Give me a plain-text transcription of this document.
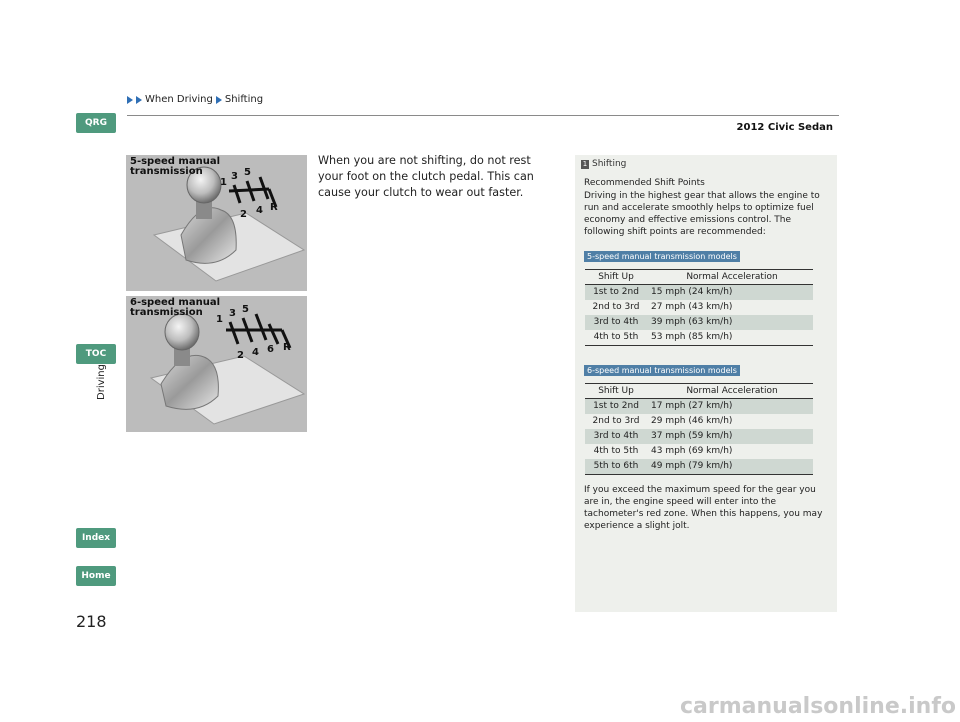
When Driving Shifting
2012 Civic Sedan
QRG
TOC
Driving
Index
Home
218
1
3 5
2 4 R
5-speed manual transmission
1
3 5
2 4 6 R
6-speed manual transmission
When you are not shifting, do not rest your foot on the clutch pedal. This can cause your clutch to wear out faster.
1 Shifting
Recommended Shift Points
Driving in the highest gear that allows the engine to run and accelerate smoothly helps to optimize fuel economy and effective emissions control. The following shift points are recommended:
5-speed manual transmission models
Shift Up	Normal Acceleration
1st to 2nd	15 mph (24 km/h)
2nd to 3rd	27 mph (43 km/h)
3rd to 4th	39 mph (63 km/h)
4th to 5th	53 mph (85 km/h)
6-speed manual transmission models
Shift Up	Normal Acceleration
1st to 2nd	17 mph (27 km/h)
2nd to 3rd	29 mph (46 km/h)
3rd to 4th	37 mph (59 km/h)
4th to 5th	43 mph (69 km/h)
5th to 6th	49 mph (79 km/h)
If you exceed the maximum speed for the gear you are in, the engine speed will enter into the tachometer's red zone. When this happens, you may experience a slight jolt.
carmanualsonline.info
